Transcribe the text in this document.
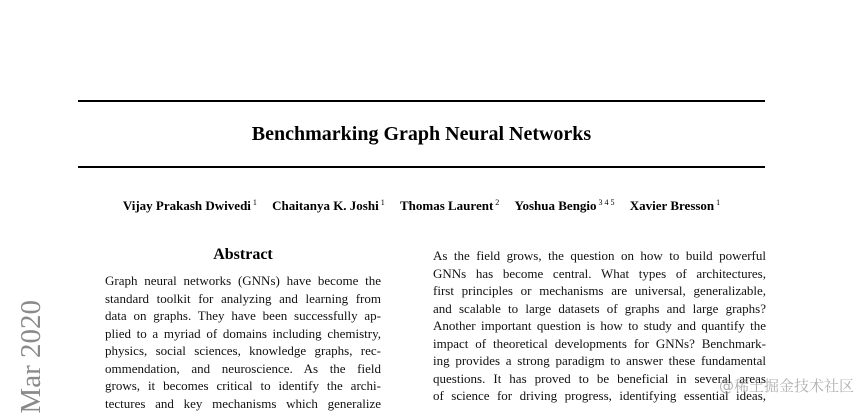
Benchmarking Graph Neural Networks
Vijay Prakash Dwivedi $^1$ Chaitanya K. Joshi $^1$ Thomas Laurent $^2$ Yoshua Bengio $^{3 4 5}$ Xavier Bresson $^1$
Abstract

Graph neural networks (GNNs) have become the
standard toolkit for analyzing and learning from
data on graphs. They have been successfully ap-
plied to a myriad of domains including chemistry,
physics, social sciences, knowledge graphs, rec-
ommendation, and neuroscience. As the field
grows, it becomes critical to identify the archi-
tectures and key mechanisms which generalize

As the field grows, the question on how to build powerful
GNNs has become central. What types of architectures,
first principles or mechanisms are universal, generalizable,
and scalable to large datasets of graphs and large graphs?
Another important question is how to study and quantify the
impact of theoretical developments for GNNs? Benchmark-
ing provides a strong paradigm to answer these fundamental
questions. It has proved to be beneficial in several areas
of science for driving progress, identifying essential ideas,

Mar 2020	@稀土掘金技术社区
